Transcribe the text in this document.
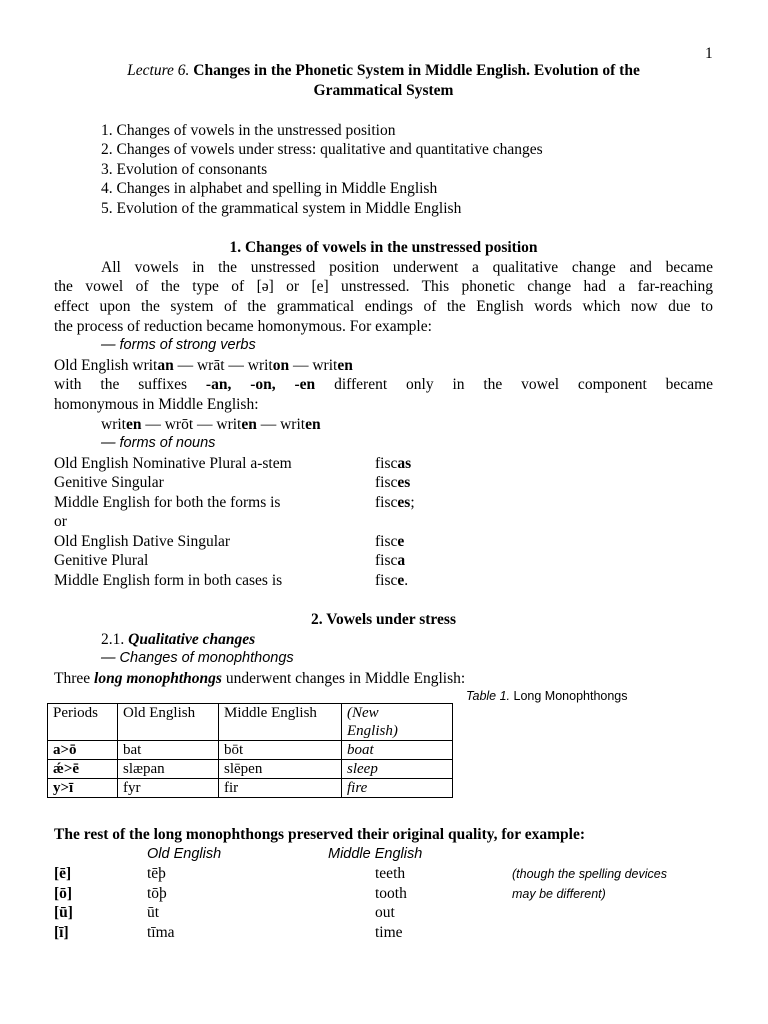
1
Lecture 6. Changes in the Phonetic System in Middle English. Evolution of the
Grammatical System
1. Changes of vowels in the unstressed position
2. Changes of vowels under stress: qualitative and quantitative changes
3. Evolution of consonants
4. Changes in alphabet and spelling in Middle English
5. Evolution of the grammatical system in Middle English
1. Changes of vowels in the unstressed position
All vowels in the unstressed position underwent a qualitative change and became
the vowel of the type of [ə] or [e] unstressed. This phonetic change had a far-reaching
effect upon the system of the grammatical endings of the English words which now due to
the process of reduction became homonymous. For example:
— forms of strong verbs
Old English writan — wrāt — writon — writen
with the suffixes -an, -on, -en different only in the vowel component became
homonymous in Middle English:
writen — wrōt — writen — writen
— forms of nouns
Old English Nominative Plural a-stem	fiscas
Genitive Singular	fisces
Middle English for both the forms is	fisces;
or
Old English Dative Singular	fisce
Genitive Plural	fisca
Middle English form in both cases is	fisce.
2. Vowels under stress
2.1. Qualitative changes
— Changes of monophthongs
Three long monophthongs underwent changes in Middle English:
Table 1. Long Monophthongs
Periods	Old English	Middle English	(New
English)
a>ō	bat	bōt	boat
ǽ>ē	slæpan	slēpen	sleep
y>ī	fyr	fir	fire
The rest of the long monophthongs preserved their original quality, for example:
Old English	Middle English
[ē]	tēþ	teeth	(though the spelling devices
[ō]	tōþ	tooth	may be different)
[ū]	ūt	out
[ī]	tīma	time
